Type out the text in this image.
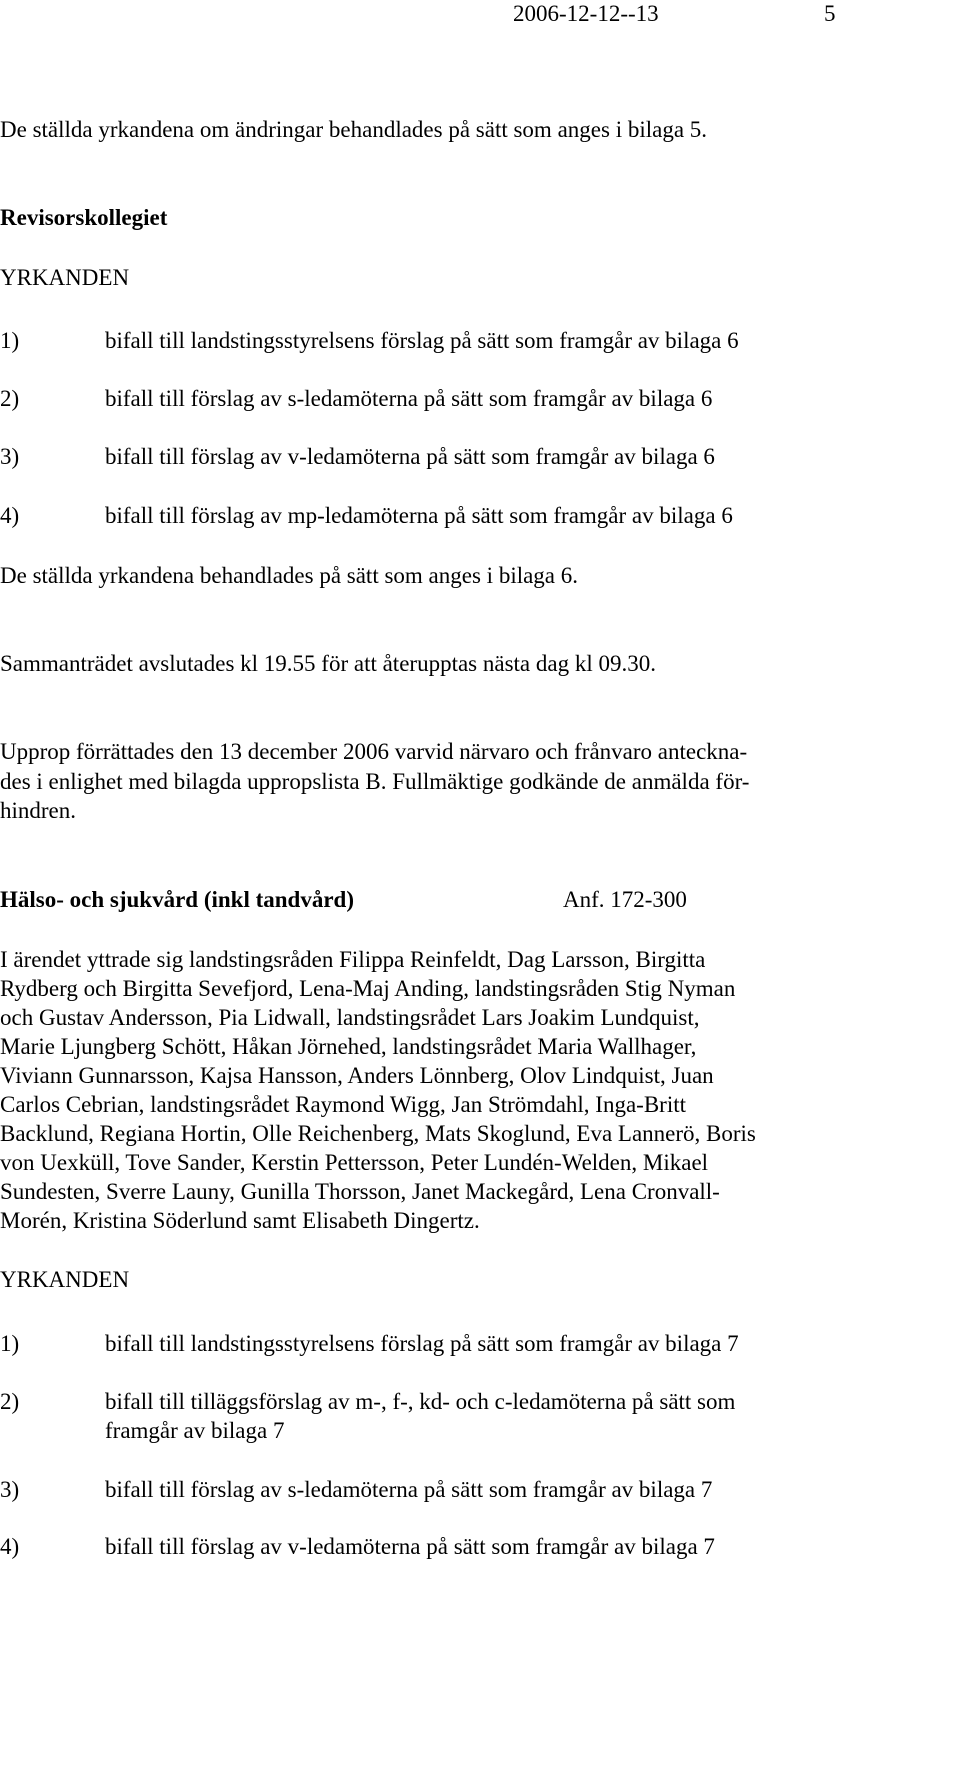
2006-12-12--13	5
De ställda yrkandena om ändringar behandlades på sätt som anges i bilaga 5.
Revisorskollegiet
YRKANDEN
1)	bifall till landstingsstyrelsens förslag på sätt som framgår av bilaga 6
2)	bifall till förslag av s-ledamöterna på sätt som framgår av bilaga 6
3)	bifall till förslag av v-ledamöterna på sätt som framgår av bilaga 6
4)	bifall till förslag av mp-ledamöterna på sätt som framgår av bilaga 6
De ställda yrkandena behandlades på sätt som anges i bilaga 6.
Sammanträdet avslutades kl 19.55 för att återupptas nästa dag kl 09.30.
Upprop förrättades den 13 december 2006 varvid närvaro och frånvaro anteckna-
des i enlighet med bilagda uppropslista B. Fullmäktige godkände de anmälda för-
hindren.
Hälso- och sjukvård (inkl tandvård)	Anf. 172-300
I ärendet yttrade sig landstingsråden Filippa Reinfeldt, Dag Larsson, Birgitta
Rydberg och Birgitta Sevefjord, Lena-Maj Anding, landstingsråden Stig Nyman
och Gustav Andersson, Pia Lidwall, landstingsrådet Lars Joakim Lundquist,
Marie Ljungberg Schött, Håkan Jörnehed, landstingsrådet Maria Wallhager,
Viviann Gunnarsson, Kajsa Hansson, Anders Lönnberg, Olov Lindquist, Juan
Carlos Cebrian, landstingsrådet Raymond Wigg, Jan Strömdahl, Inga-Britt
Backlund, Regiana Hortin, Olle Reichenberg, Mats Skoglund, Eva Lannerö, Boris
von Uexküll, Tove Sander, Kerstin Pettersson, Peter Lundén-Welden, Mikael
Sundesten, Sverre Launy, Gunilla Thorsson, Janet Mackegård, Lena Cronvall-
Morén, Kristina Söderlund samt Elisabeth Dingertz.
YRKANDEN
1)	bifall till landstingsstyrelsens förslag på sätt som framgår av bilaga 7
2)	bifall till tilläggsförslag av m-, f-, kd- och c-ledamöterna på sätt som
framgår av bilaga 7
3)	bifall till förslag av s-ledamöterna på sätt som framgår av bilaga 7
4)	bifall till förslag av v-ledamöterna på sätt som framgår av bilaga 7
